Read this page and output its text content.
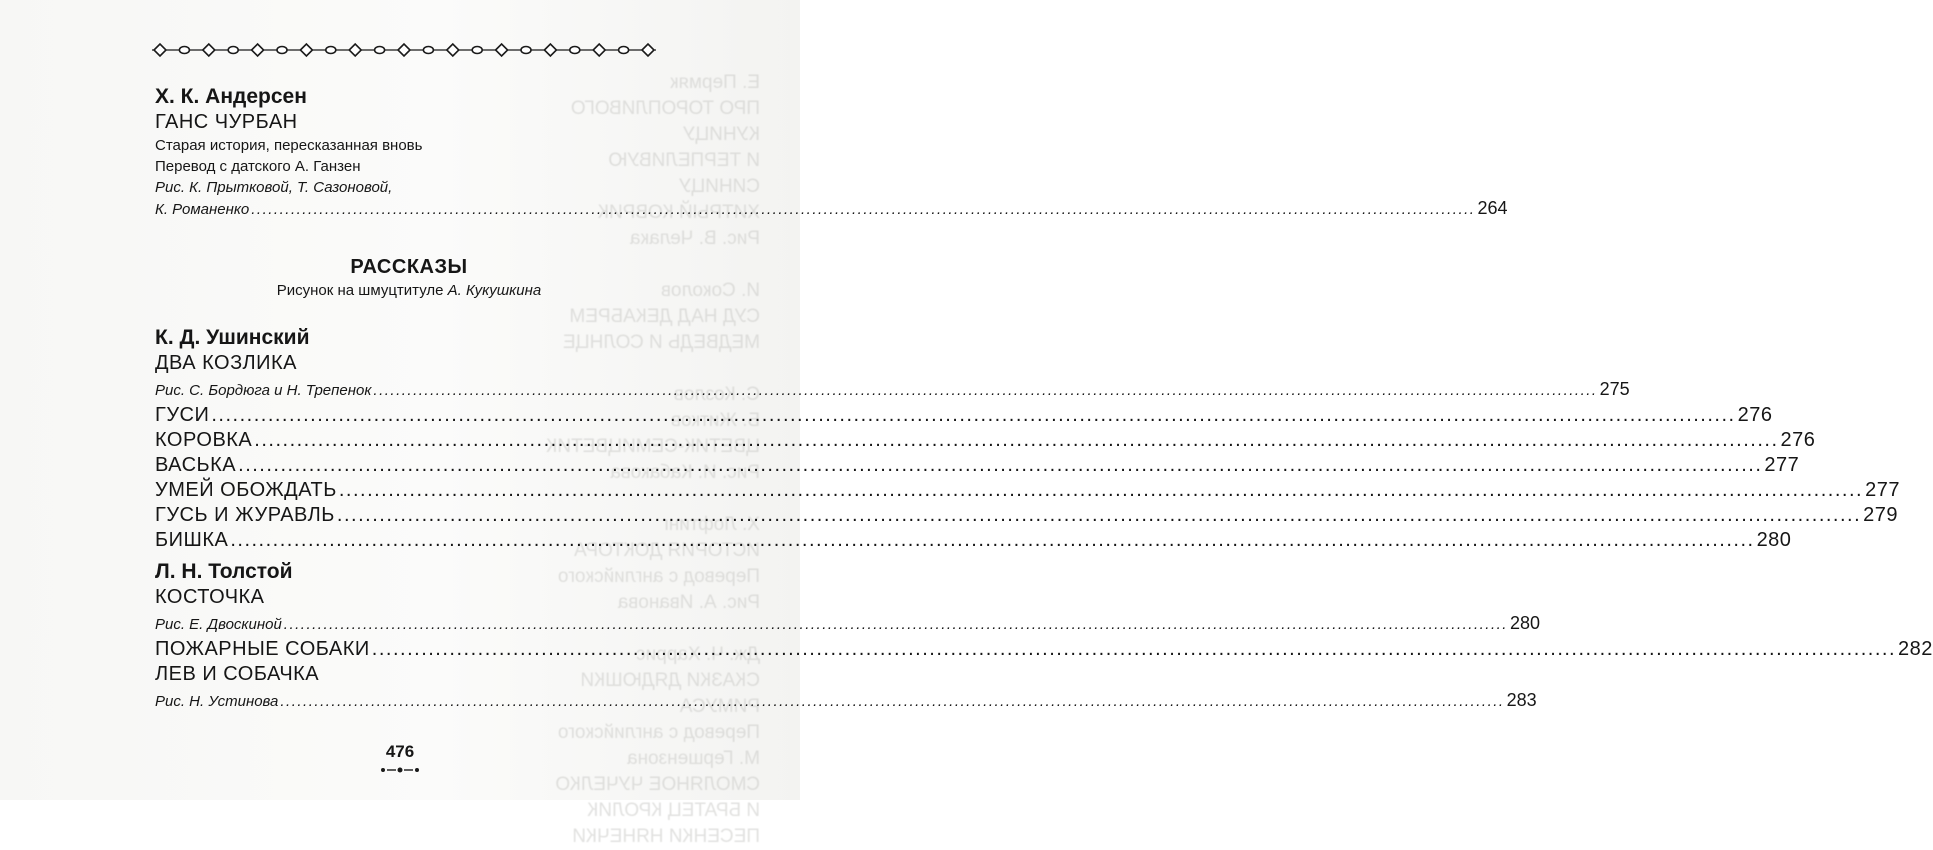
Е. Пермяк
ПРО ТОРОПЛИВОГО КУНИЦУ
И ТЕРПЕЛИВУЮ СИНИЦУ
ХИТРЫЙ КОВРИК
Рис. В. Челака

И. Соколов
СУД НАД ДЕКАБРЕМ
МЕДВЕДЬ И СОЛНЦЕ

С. Козлов
Б. Житков
ЦВЕТИК-СЕМИЦВЕТИК
Рис. И. Кабакова

Х. Лофтинг
ИСТОРИЯ ДОКТОРА
Перевод с английского
Рис. А. Иванова

Дж. Ч. Харрис
СКАЗКИ ДЯДЮШКИ РИМУСА
Перевод с английского
М. Гершензона
СМОЛЯНОЕ ЧУЧЕЛКО
И БРАТЕЦ КРОЛИК
ПЕСЕНКИ НЯНЕЧКИ
Х. К. Андерсен
ГАНС ЧУРБАН
Старая история, пересказанная вновь
Перевод с датского А. Ганзен
Рис. К. Прытковой, Т. Сазоновой,
К. Романенко .....	264
РАССКАЗЫ
Рисунок на шмуцтитуле А. Кукушкина
К. Д. Ушинский
ДВА КОЗЛИКА
Рис. С. Бордюга и Н. Трепенок .....	275
ГУСИ .....	276
КОРОВКА .....	276
ВАСЬКА .....	277
УМЕЙ ОБОЖДАТЬ .....	277
ГУСЬ И ЖУРАВЛЬ .....	279
БИШКА .....	280
Л. Н. Толстой
КОСТОЧКА
Рис. Е. Двоскиной .....	280
ПОЖАРНЫЕ СОБАКИ .....	282
ЛЕВ И СОБАЧКА
Рис. Н. Устинова .....	283
476
